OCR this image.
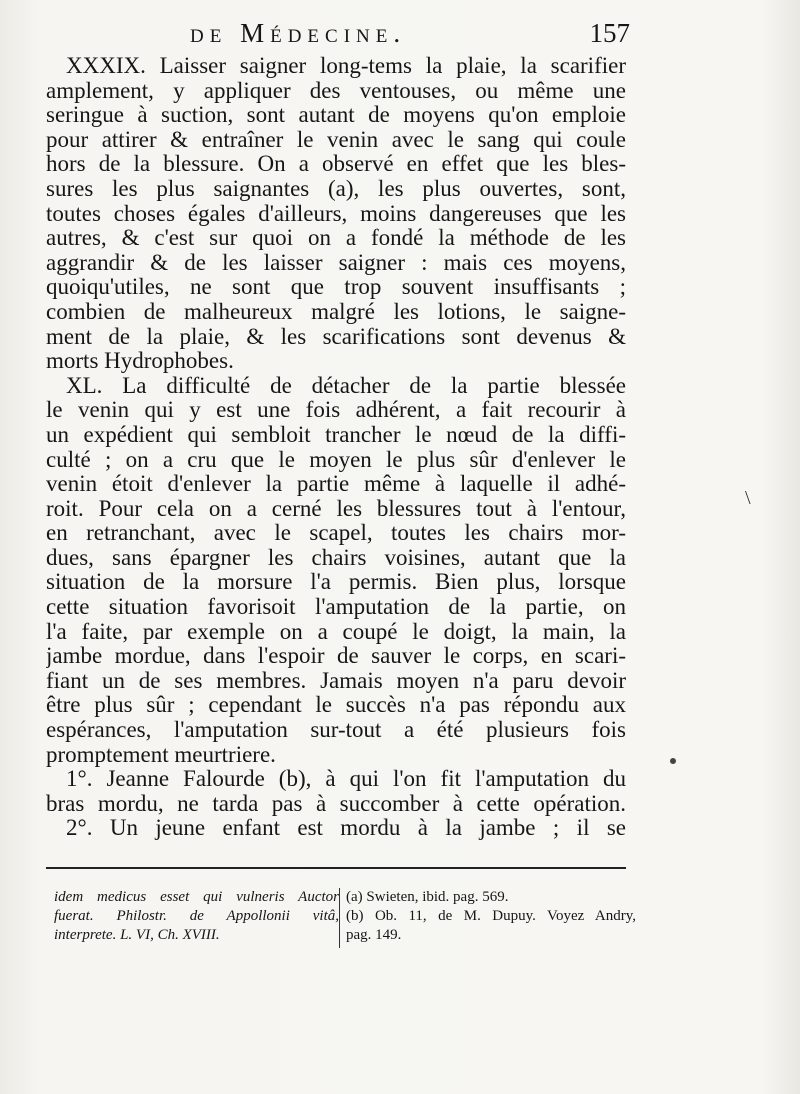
de Médecine.	157
XXXIX. Laisser saigner long-tems la plaie, la scarifier
amplement, y appliquer des ventouses, ou même une
seringue à suction, sont autant de moyens qu'on emploie
pour attirer & entraîner le venin avec le sang qui coule
hors de la blessure. On a observé en effet que les bles-
sures les plus saignantes (a), les plus ouvertes, sont,
toutes choses égales d'ailleurs, moins dangereuses que les
autres, & c'est sur quoi on a fondé la méthode de les
aggrandir & de les laisser saigner : mais ces moyens,
quoiqu'utiles, ne sont que trop souvent insuffisants ;
combien de malheureux malgré les lotions, le saigne-
ment de la plaie, & les scarifications sont devenus &
morts Hydrophobes.
XL. La difficulté de détacher de la partie blessée
le venin qui y est une fois adhérent, a fait recourir à
un expédient qui sembloit trancher le nœud de la diffi-
culté ; on a cru que le moyen le plus sûr d'enlever le
venin étoit d'enlever la partie même à laquelle il adhé-
roit. Pour cela on a cerné les blessures tout à l'entour,
en retranchant, avec le scapel, toutes les chairs mor-
dues, sans épargner les chairs voisines, autant que la
situation de la morsure l'a permis. Bien plus, lorsque
cette situation favorisoit l'amputation de la partie, on
l'a faite, par exemple on a coupé le doigt, la main, la
jambe mordue, dans l'espoir de sauver le corps, en scari-
fiant un de ses membres. Jamais moyen n'a paru devoir
être plus sûr ; cependant le succès n'a pas répondu aux
espérances, l'amputation sur-tout a été plusieurs fois
promptement meurtriere.
1°. Jeanne Falourde (b), à qui l'on fit l'amputation du
bras mordu, ne tarda pas à succomber à cette opération.
2°. Un jeune enfant est mordu à la jambe ; il se
idem medicus esset qui vulneris Auctor
fuerat. Philostr. de Appollonii vitâ,
interprete. L. VI, Ch. XVIII.
(a) Swieten, ibid. pag. 569.
(b) Ob. 11, de M. Dupuy. Voyez Andry,
pag. 149.
\
